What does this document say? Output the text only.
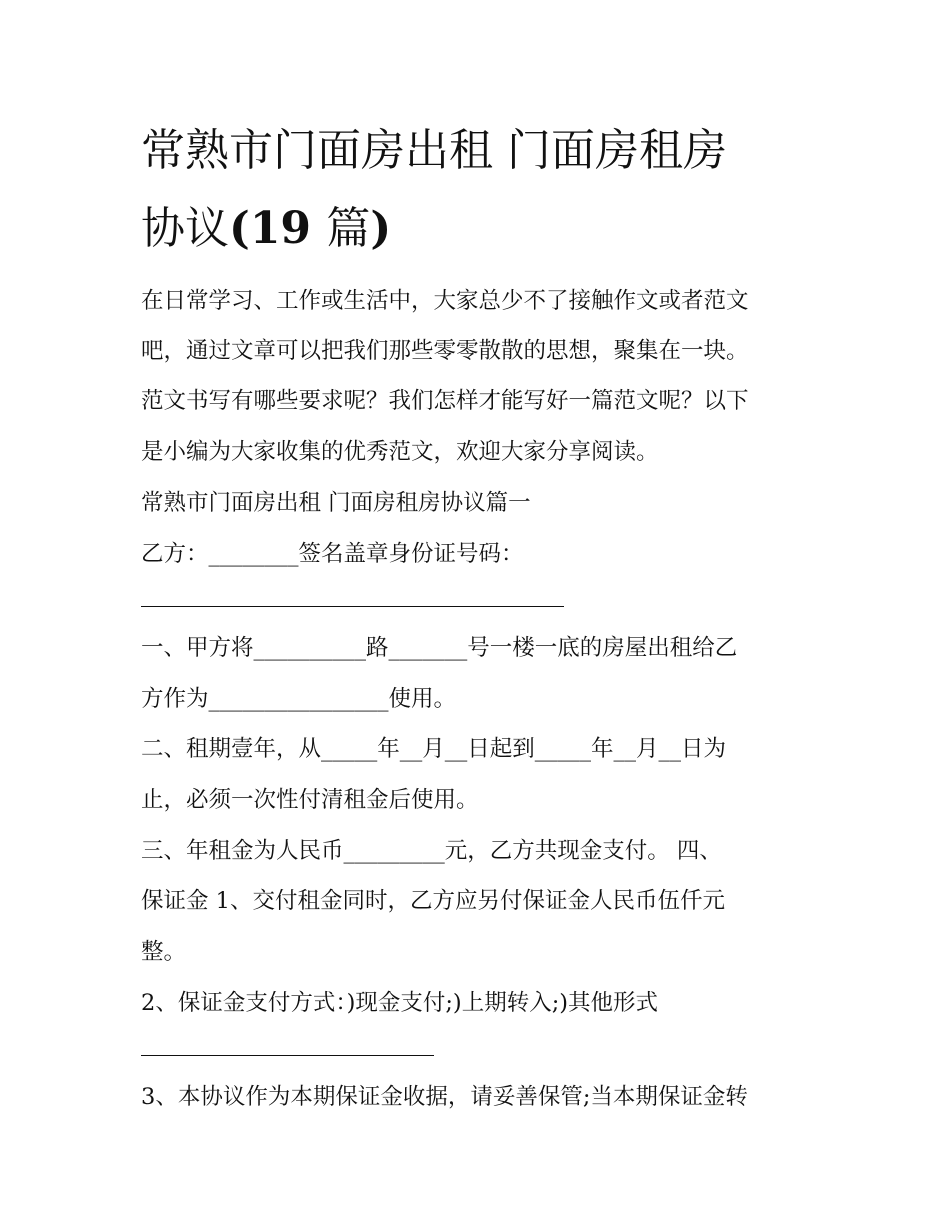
常熟市门面房出租 门面房租房
协议(19 篇)

在日常学习、工作或生活中，大家总少不了接触作文或者范文

吧，通过文章可以把我们那些零零散散的思想，聚集在一块。

范文书写有哪些要求呢？我们怎样才能写好一篇范文呢？以下

是小编为大家收集的优秀范文，欢迎大家分享阅读。

常熟市门面房出租 门面房租房协议篇一

乙方：________签名盖章身份证号码：

一、甲方将__________路_______号一楼一底的房屋出租给乙

方作为________________使用。

二、租期壹年，从_____年__月__日起到_____年__月__日为

止，必须一次性付清租金后使用。

三、年租金为人民币_________元，乙方共现金支付。 四、

保证金 1、交付租金同时，乙方应另付保证金人民币伍仟元

整。

2、保证金支付方式：)现金支付;)上期转入;)其他形式

3、本协议作为本期保证金收据，请妥善保管;当本期保证金转
